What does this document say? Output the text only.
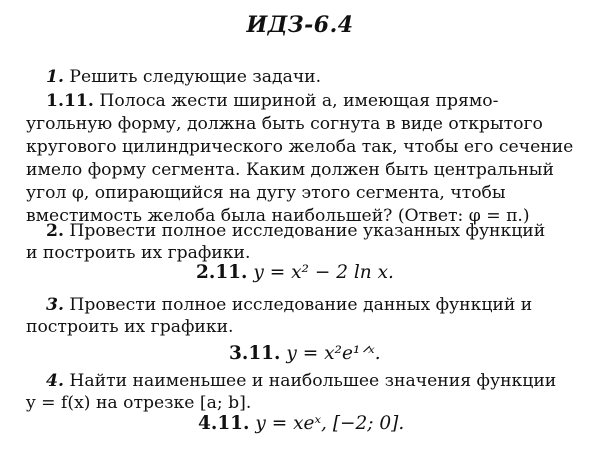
ИДЗ-6.4
1. Решить следующие задачи.
1.11. Полоса жести шириной a, имеющая прямо-
угольную форму, должна быть согнута в виде открытого
кругового цилиндрического желоба так, чтобы его сечение
имело форму сегмента. Каким должен быть центральный
угол φ, опирающийся на дугу этого сегмента, чтобы
вместимость желоба была наибольшей? (Ответ: φ = π.)
2. Провести полное исследование указанных функций
и построить их графики.
2.11. y = x² − 2 ln x.
3. Провести полное исследование данных функций и
построить их графики.
3.11. y = x²e¹ᐟˣ.
4. Найти наименьшее и наибольшее значения функции
y = f(x) на отрезке [a; b].
4.11. y = xeˣ, [−2; 0].
